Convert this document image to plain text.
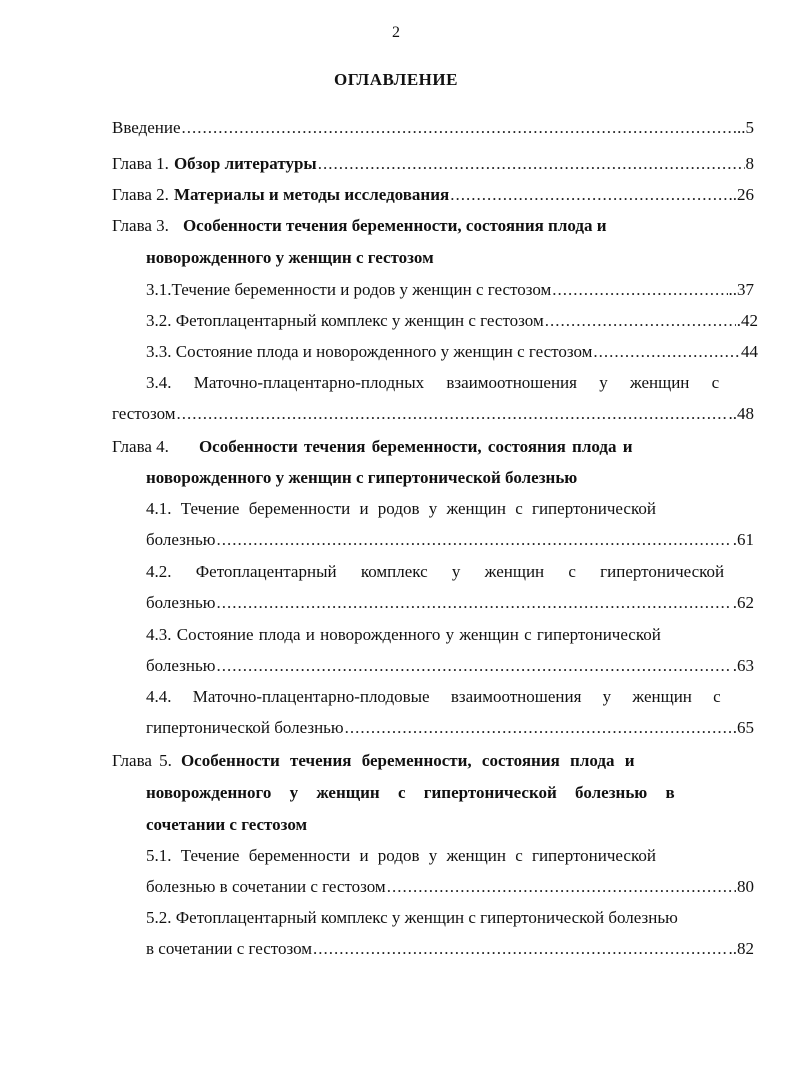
2
ОГЛАВЛЕНИЕ
Введение .....	..5
Глава 1. Обзор литературы .....	8
Глава 2. Материалы и методы исследования .....	..26
Глава 3. Особенности течения беременности, состояния плода и
новорожденного у женщин с гестозом
3.1.Течение беременности и родов у женщин с гестозом .....	..37
3.2. Фетоплацентарный комплекс у женщин с гестозом .....	.42
3.3. Состояние плода и новорожденного у женщин с гестозом .....	44
3.4. Маточно-плацентарно-плодных взаимоотношения у женщин с
гестозом .....	..48
Глава 4. Особенности течения беременности, состояния плода и
новорожденного у женщин с гипертонической болезнью
4.1. Течение беременности и родов у женщин с гипертонической
болезнью .....	.61
4.2. Фетоплацентарный комплекс у женщин с гипертонической
болезнью .....	.62
4.3. Состояние плода и новорожденного у женщин с гипертонической
болезнью .....	.63
4.4. Маточно-плацентарно-плодовые взаимоотношения у женщин с
гипертонической болезнью .....	.65
Глава 5. Особенности течения беременности, состояния плода и
новорожденного у женщин с гипертонической болезнью в
сочетании с гестозом
5.1. Течение беременности и родов у женщин с гипертонической
болезнью в сочетании с гестозом .....	80
5.2. Фетоплацентарный комплекс у женщин с гипертонической болезнью
в сочетании с гестозом .....	..82
